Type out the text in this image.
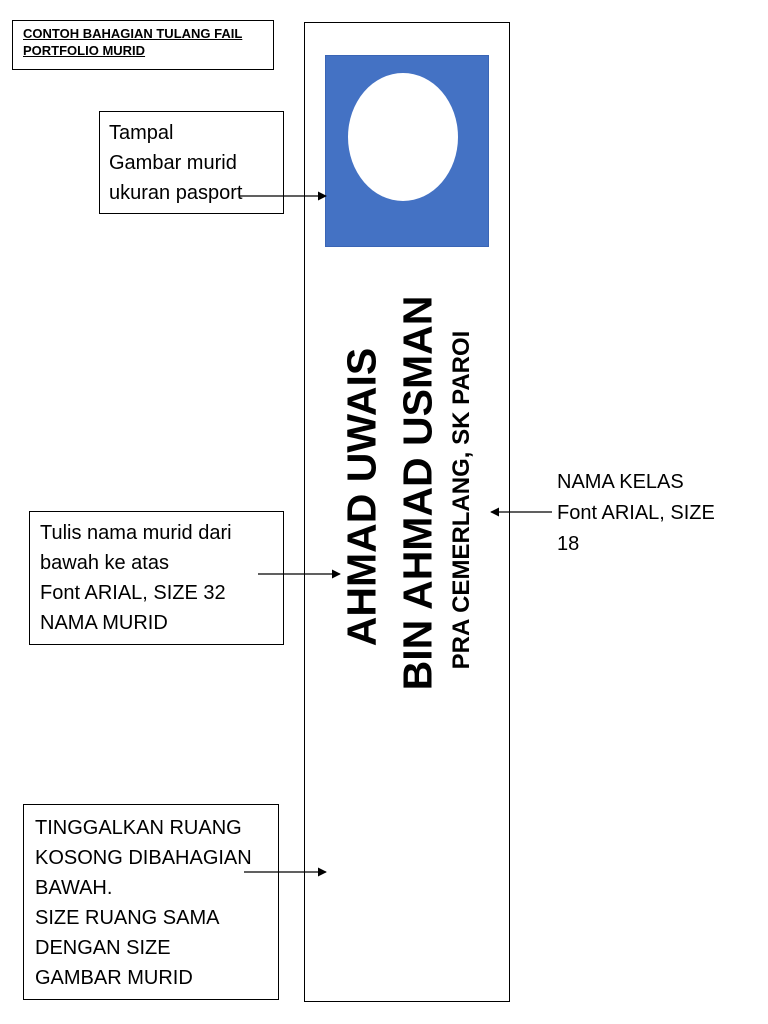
CONTOH BAHAGIAN TULANG FAIL
PORTFOLIO MURID
AHMAD UWAIS BIN AHMAD USMAN PRA CEMERLANG, SK PAROI
Tampal
Gambar murid
ukuran pasport
Tulis nama murid dari
bawah ke atas
Font ARIAL, SIZE 32
NAMA MURID
NAMA KELAS
Font ARIAL, SIZE
18
TINGGALKAN RUANG
KOSONG DIBAHAGIAN
BAWAH.
SIZE RUANG SAMA
DENGAN SIZE
GAMBAR MURID
